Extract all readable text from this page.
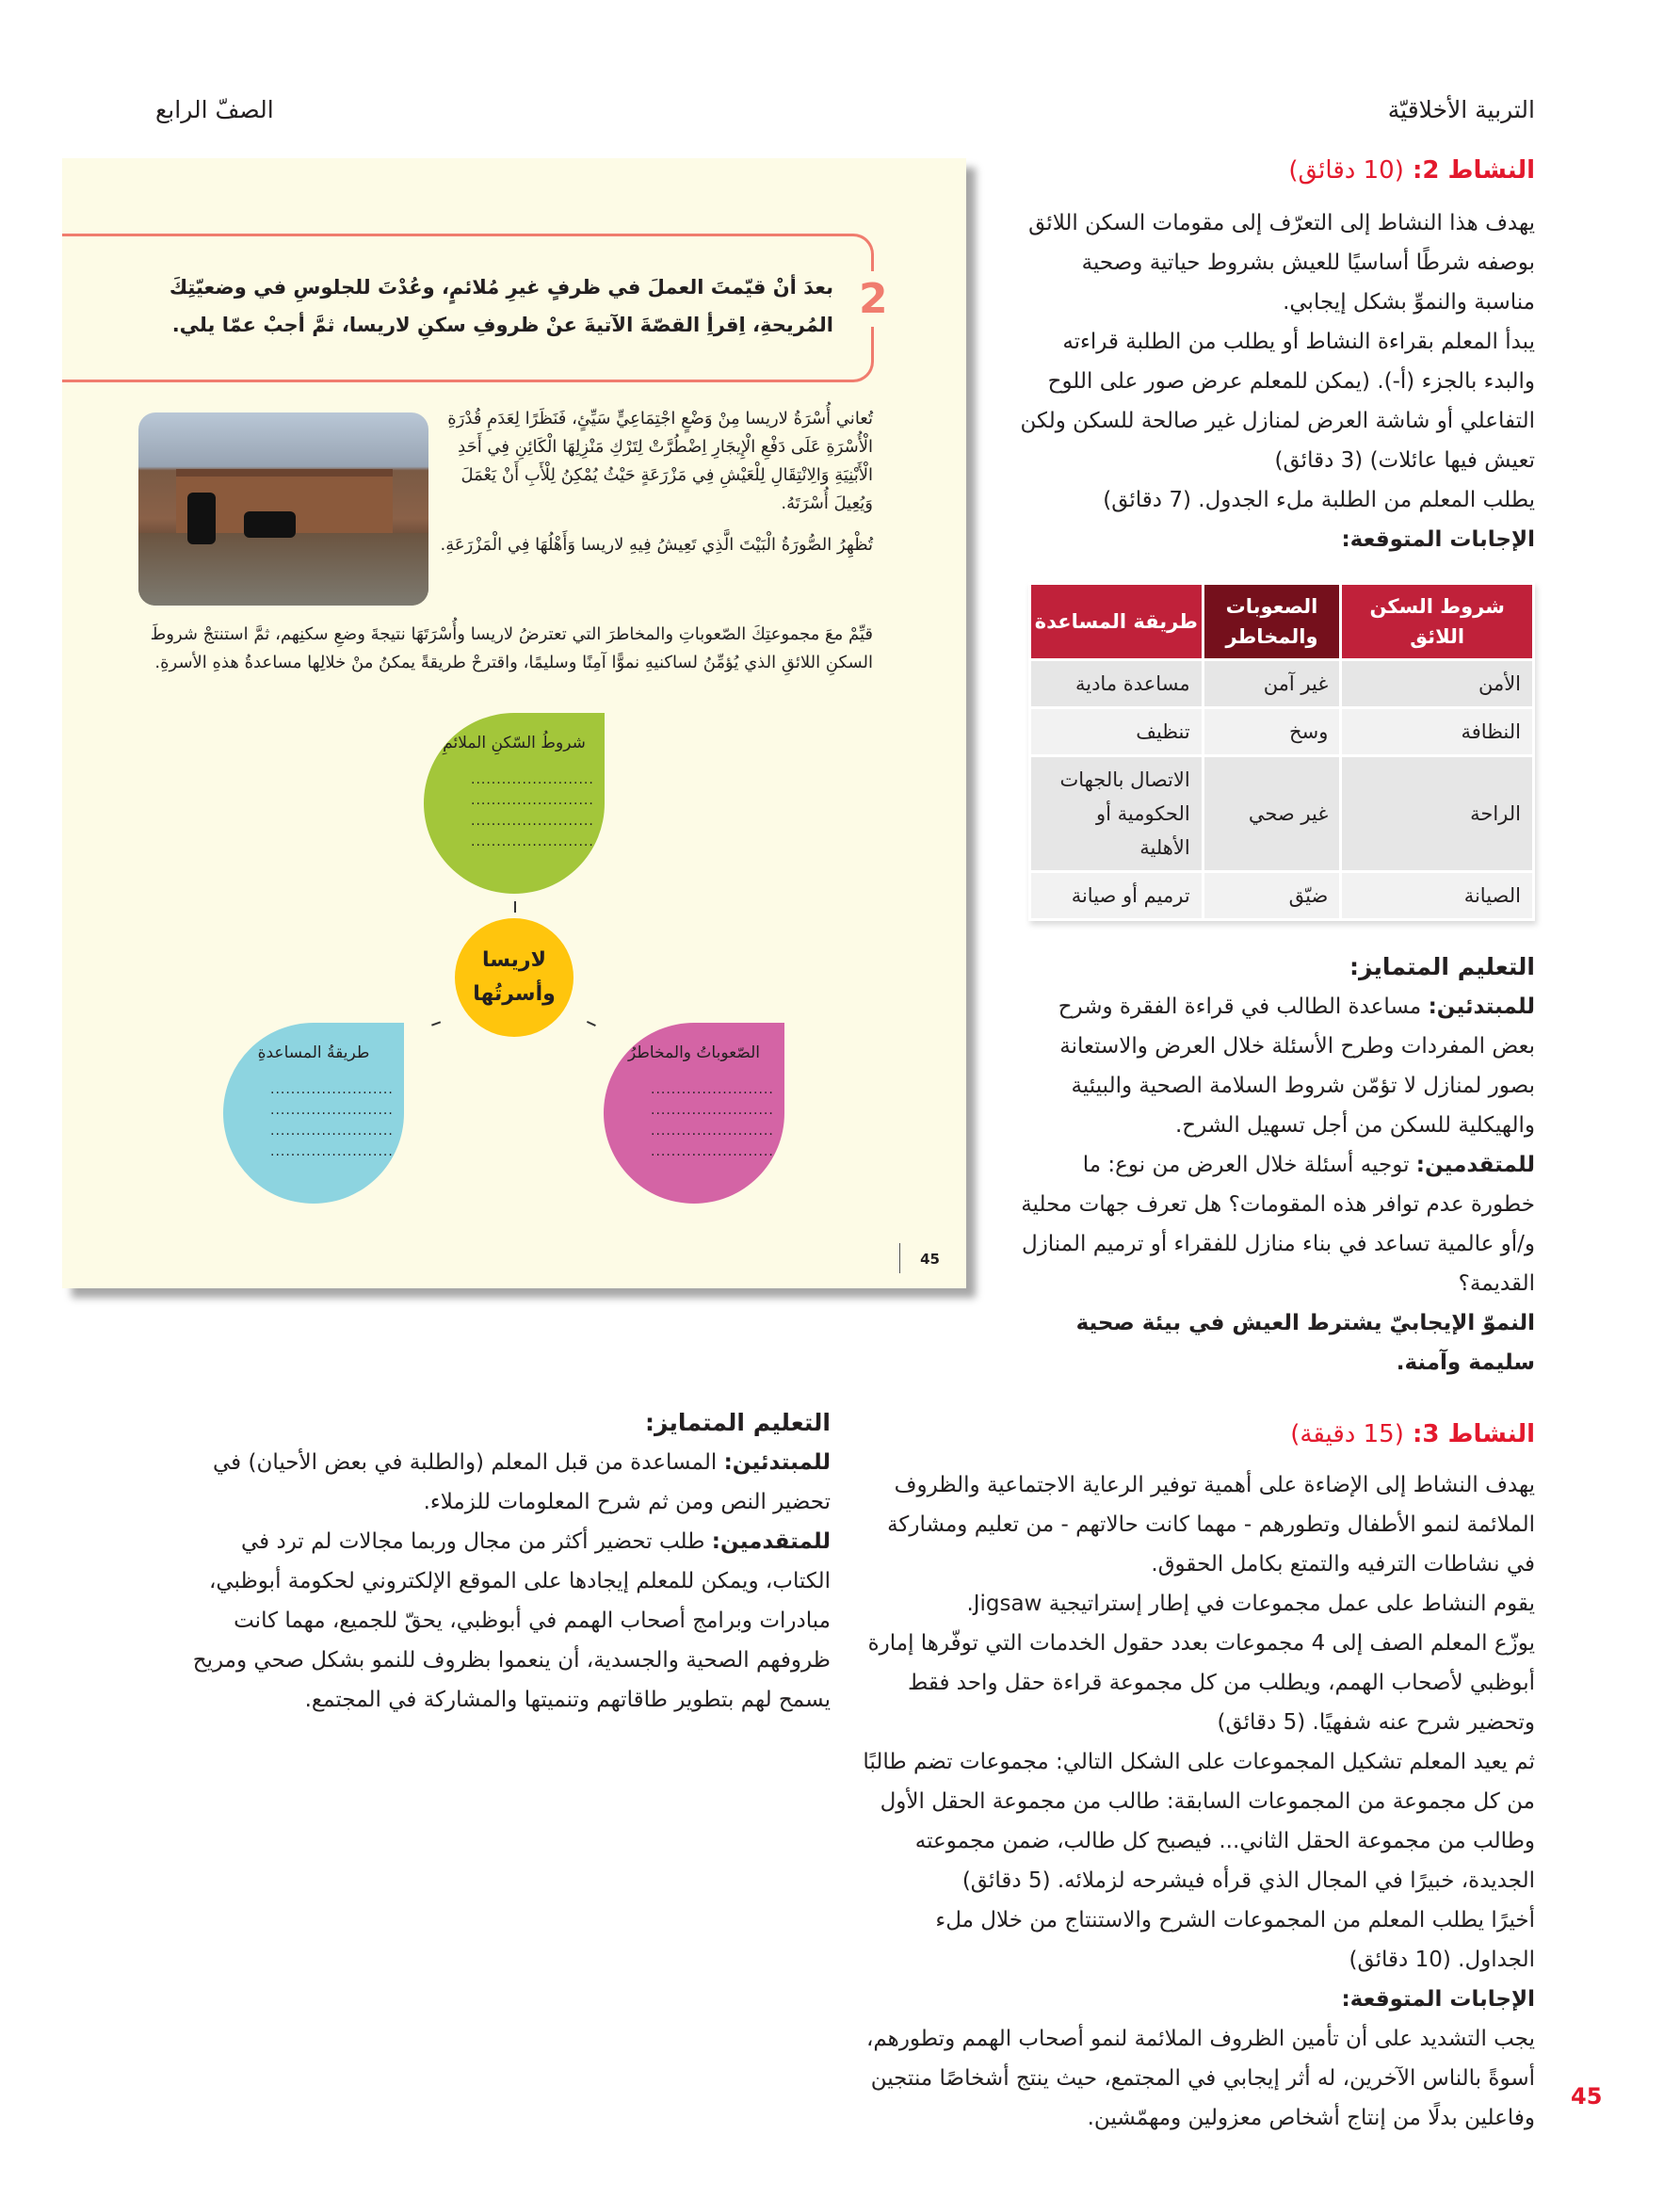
التربية الأخلاقيّة
الصفّ الرابع
النشاط 2: (10 دقائق)

يهدف هذا النشاط إلى التعرّف إلى مقومات السكن اللائق بوصفه شرطًا أساسيًا للعيش بشروط حياتية وصحية مناسبة والنموِّ بشكل إيجابي.

يبدأ المعلم بقراءة النشاط أو يطلب من الطلبة قراءته والبدء بالجزء (أ-). (يمكن للمعلم عرض صور على اللوح التفاعلي أو شاشة العرض لمنازل غير صالحة للسكن ولكن تعيش فيها عائلات) (3 دقائق)

يطلب المعلم من الطلبة ملء الجدول. (7 دقائق)

الإجابات المتوقعة:

شروط السكن اللائق	الصعوبات والمخاطر	طريقة المساعدة
الأمن	غير آمن	مساعدة مادية
النظافة	وسخ	تنظيف
الراحة	غير صحي	الاتصال بالجهات الحكومية أو الأهلية
الصيانة	ضيّق	ترميم أو صيانة

التعليم المتمايز:

للمبتدئين: مساعدة الطالب في قراءة الفقرة وشرح بعض المفردات وطرح الأسئلة خلال العرض والاستعانة بصور لمنازل لا تؤمّن شروط السلامة الصحية والبيئية والهيكلية للسكن من أجل تسهيل الشرح.

للمتقدمين: توجيه أسئلة خلال العرض من نوع: ما خطورة عدم توافر هذه المقومات؟ هل تعرف جهات محلية و/أو عالمية تساعد في بناء منازل للفقراء أو ترميم المنازل القديمة؟

النموّ الإيجابيّ يشترط العيش في بيئة صحية سليمة وآمنة.

النشاط 3: (15 دقيقة)

يهدف النشاط إلى الإضاءة على أهمية توفير الرعاية الاجتماعية والظروف الملائمة لنمو الأطفال وتطورهم - مهما كانت حالاتهم - من تعليم ومشاركة في نشاطات الترفيه والتمتع بكامل الحقوق.

يقوم النشاط على عمل مجموعات في إطار إستراتيجية Jigsaw.

يوزّع المعلم الصف إلى 4 مجموعات بعدد حقول الخدمات التي توفّرها إمارة أبوظبي لأصحاب الهمم، ويطلب من كل مجموعة قراءة حقل واحد فقط وتحضير شرح عنه شفهيًا. (5 دقائق)

ثم يعيد المعلم تشكيل المجموعات على الشكل التالي: مجموعات تضم طالبًا من كل مجموعة من المجموعات السابقة: طالب من مجموعة الحقل الأول وطالب من مجموعة الحقل الثاني... فيصبح كل طالب، ضمن مجموعته الجديدة، خبيرًا في المجال الذي قرأه فيشرحه لزملائه. (5 دقائق)

أخيرًا يطلب المعلم من المجموعات الشرح والاستنتاج من خلال ملء الجداول. (10 دقائق)

الإجابات المتوقعة:

يجب التشديد على أن تأمين الظروف الملائمة لنمو أصحاب الهمم وتطورهم، أسوةً بالناس الآخرين، له أثر إيجابي في المجتمع، حيث ينتج أشخاصًا منتجين وفاعلين بدلًا من إنتاج أشخاص معزولين ومهمّشين.

بعدَ أنْ قيّمتَ العملَ في ظرفٍ غيرِ مُلائمٍ، وعُدْتَ للجلوسِ في وضعيّتِكَ المُريحةِ، اِقرأِ القصّةَ الآتيةَ عنْ ظروفِ سكنِ لاريسا، ثمَّ أجبْ عمّا يلي.
2
تُعاني أُسْرَةُ لاريسا مِنْ وَضْعٍ اجْتِمَاعِيٍّ سَيِّئٍ، فَنَظَرًا لِعَدَمِ قُدْرَةِ الْأُسْرَةِ عَلَى دَفْعِ الْإِيجَارِ اِضْطُرَّتْ لِتَرْكِ مَنْزِلِهَا الْكَائِنِ فِي أَحَدِ الْأَبْنِيَةِ وَالِانْتِقَالِ لِلْعَيْشِ فِي مَزْرَعَةٍ حَيْثُ يُمْكِنُ لِلْأَبِ أَنْ يَعْمَلَ وَيُعِيلَ أُسْرَتَهُ.
تُظْهِرُ الصُّورَةُ الْبَيْتَ الَّذِي تَعِيشُ فِيهِ لاريسا وَأَهْلُهَا فِي الْمَزْرَعَةِ.
قيِّمْ معَ مجموعتِكَ الصّعوباتِ والمخاطرَ التي تعترضُ لاريسا وأُسْرَتَهَا نتيجةَ وضعِ سكنِهم، ثمَّ استنتجْ شروطَ السكنِ اللائقِ الذي يُؤمِّنُ لساكنيهِ نموًّا آمِنًا وسليمًا، واقترحْ طريقةً يمكنُ منْ خلالِها مساعدةُ هذهِ الأسرةِ.
شروطُ السّكنِ الملائمِ
........................
........................
........................
........................
الصّعوباتُ والمخاطرُ
........................
........................
........................
........................
طريقةُ المساعدةِ
........................
........................
........................
........................
لاريسا وأسرتُها
45

التعليم المتمايز:

للمبتدئين: المساعدة من قبل المعلم (والطلبة في بعض الأحيان) في تحضير النص ومن ثم شرح المعلومات للزملاء.

للمتقدمين: طلب تحضير أكثر من مجال وربما مجالات لم ترد في الكتاب، ويمكن للمعلم إيجادها على الموقع الإلكتروني لحكومة أبوظبي، مبادرات وبرامج أصحاب الهمم في أبوظبي، يحقّ للجميع، مهما كانت ظروفهم الصحية والجسدية، أن ينعموا بظروف للنمو بشكل صحي ومريح يسمح لهم بتطوير طاقاتهم وتنميتها والمشاركة في المجتمع.

45
